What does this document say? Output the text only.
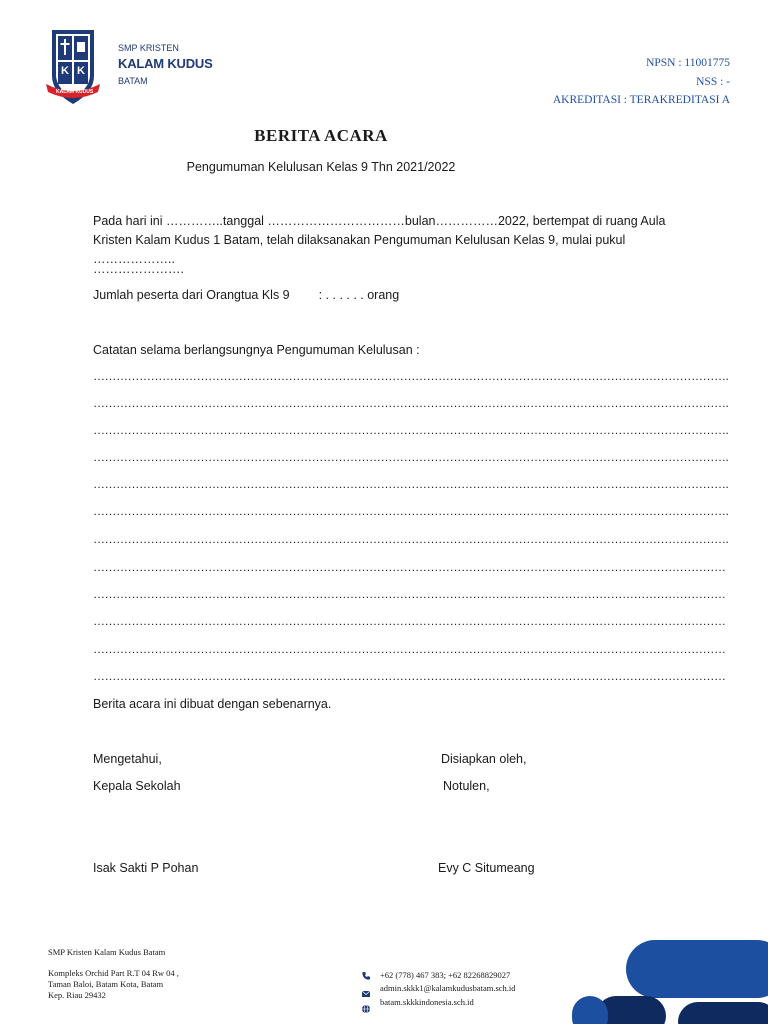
K K
KALAM KUDUS
SMP KRISTEN
KALAM KUDUS
BATAM
NPSN : 11001775
NSS : -
AKREDITASI : TERAKREDITASI A
BERITA ACARA
Pengumuman Kelulusan Kelas 9 Thn 2021/2022
Pada hari ini …………..tanggal ……………………………bulan……………2022, bertempat di ruang Aula Kristen Kalam Kudus 1 Batam, telah dilaksanakan Pengumuman Kelulusan Kelas 9, mulai pukul ………………..
………………….
Jumlah peserta dari Orangtua Kls 9 : . . . . . . orang
Catatan selama berlangsungnya Pengumuman Kelulusan :
………………………………………………………………………………………………………………………………………………….
………………………………………………………………………………………………………………………………………………….
………………………………………………………………………………………………………………………………………………….
………………………………………………………………………………………………………………………………………………….
………………………………………………………………………………………………………………………………………………….
………………………………………………………………………………………………………………………………………………….
………………………………………………………………………………………………………………………………………………….
…………………………………………………………………………………………………………………………………………………
…………………………………………………………………………………………………………………………………………………
…………………………………………………………………………………………………………………………………………………
…………………………………………………………………………………………………………………………………………………
…………………………………………………………………………………………………………………………………………………
Berita acara ini dibuat dengan sebenarnya.
Mengetahui,
Kepala Sekolah
Isak Sakti P Pohan
Disiapkan oleh,
Notulen,
Evy C Situmeang
SMP Kristen Kalam Kudus Batam
Kompleks Orchid Part R.T 04 Rw 04 ,
Taman Baloi, Batam Kota, Batam
Kep. Riau 29432
+62 (778) 467 383; +62 82268829027
admin.skkk1@kalamkudusbatam.sch.id
batam.skkkindonesia.sch.id
